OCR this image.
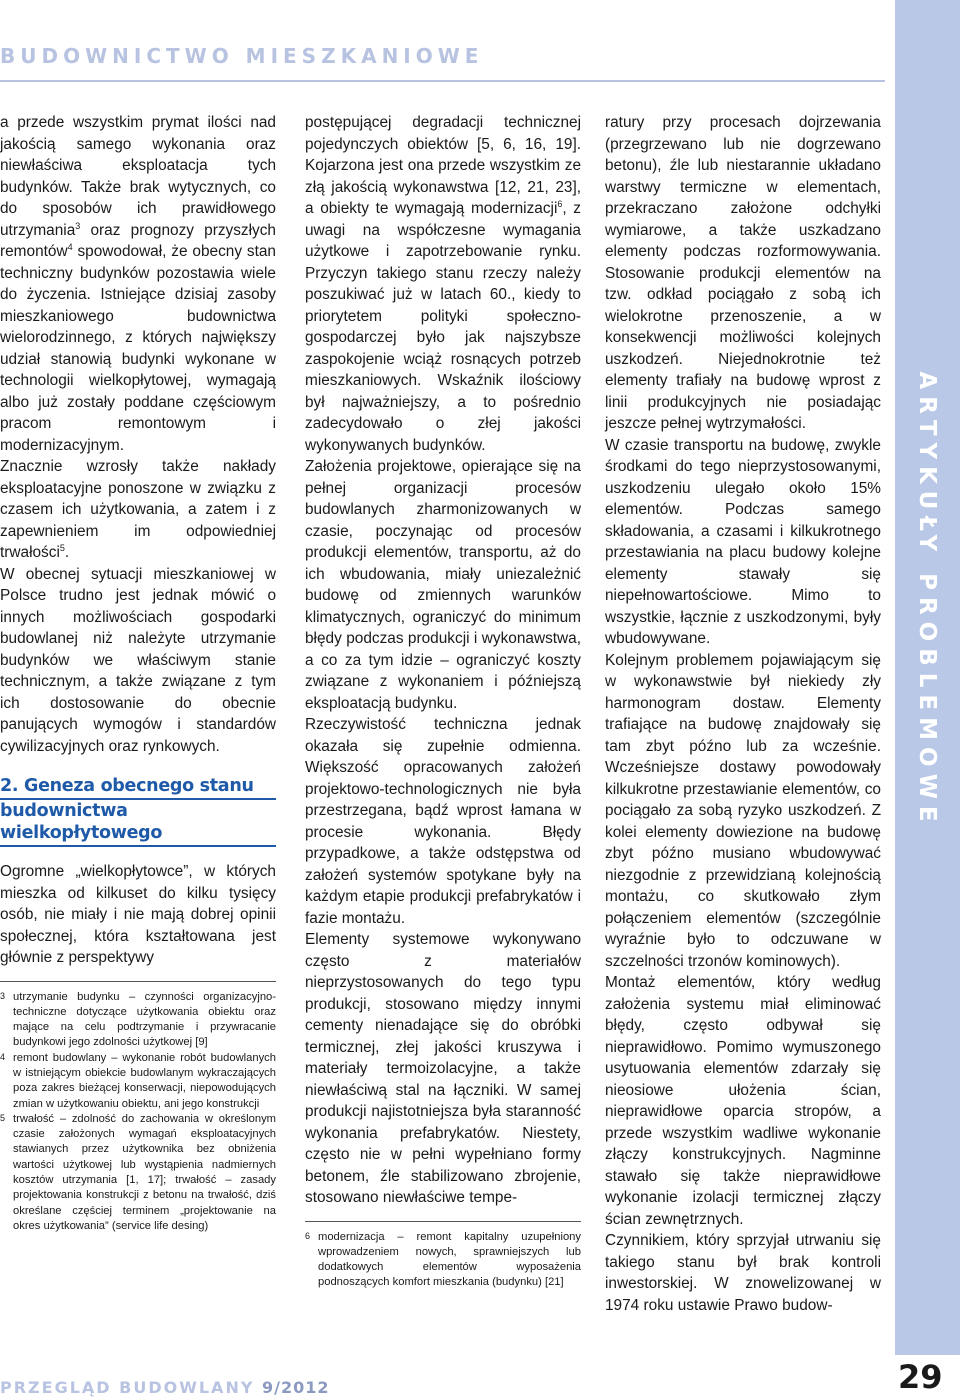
BUDOWNICTWO MIESZKANIOWE
ARTYKUŁY PROBLEMOWE

a przede wszystkim prymat ilości nad jakością samego wykonania oraz niewłaściwa eksploatacja tych budynków. Także brak wytycznych, co do sposobów ich prawidłowego utrzymania$^3$ oraz prognozy przyszłych remontów$^4$ spowodował, że obecny stan techniczny budynków pozostawia wiele do życzenia. Istniejące dzisiaj zasoby mieszkaniowego budownictwa wielorodzinnego, z których największy udział stanowią budynki wykonane w technologii wielkopłytowej, wymagają albo już zostały poddane częściowym pracom remontowym i modernizacyjnym.

Znacznie wzrosły także nakłady eksploatacyjne ponoszone w związku z czasem ich użytkowania, a zatem i z zapewnieniem im odpowiedniej trwałości$^5$.

W obecnej sytuacji mieszkaniowej w Polsce trudno jest jednak mówić o innych możliwościach gospodarki budowlanej niż należyte utrzymanie budynków we właściwym stanie technicznym, a także związane z tym ich dostosowanie do obecnie panujących wymogów i standardów cywilizacyjnych oraz rynkowych.

2. Geneza obecnego stanu
budownictwa wielkopłytowego

Ogromne „wielkopłytowce”, w których mieszka od kilkuset do kilku tysięcy osób, nie miały i nie mają dobrej opinii społecznej, która kształtowana jest głównie z perspektywy

3 utrzymanie budynku – czynności organizacyjno-techniczne dotyczące użytkowania obiektu oraz mające na celu podtrzymanie i przywracanie budynkowi jego zdolności użytkowej [9]
4 remont budowlany – wykonanie robót budowlanych w istniejącym obiekcie budowlanym wykraczających poza zakres bieżącej konserwacji, niepowodujących zmian w użytkowaniu obiektu, ani jego konstrukcji
5 trwałość – zdolność do zachowania w określonym czasie założonych wymagań eksploatacyjnych stawianych przez użytkownika bez obniżenia wartości użytkowej lub wystąpienia nadmiernych kosztów utrzymania [1, 17]; trwałość – zasady projektowania konstrukcji z betonu na trwałość, dziś określane częściej terminem „projektowanie na okres użytkowania” (service life desing)

postępującej degradacji technicznej pojedynczych obiektów [5, 6, 16, 19]. Kojarzona jest ona przede wszystkim ze złą jakością wykonawstwa [12, 21, 23], a obiekty te wymagają modernizacji$^6$, z uwagi na współczesne wymagania użytkowe i zapotrzebowanie rynku. Przyczyn takiego stanu rzeczy należy poszukiwać już w latach 60., kiedy to priorytetem polityki społeczno-gospodarczej było jak najszybsze zaspokojenie wciąż rosnących potrzeb mieszkaniowych. Wskaźnik ilościowy był najważniejszy, a to pośrednio zadecydowało o złej jakości wykonywanych budynków.

Założenia projektowe, opierające się na pełnej organizacji procesów budowlanych zharmonizowanych w czasie, poczynając od procesów produkcji elementów, transportu, aż do ich wbudowania, miały uniezależnić budowę od zmiennych warunków klimatycznych, ograniczyć do minimum błędy podczas produkcji i wykonawstwa, a co za tym idzie – ograniczyć koszty związane z wykonaniem i późniejszą eksploatacją budynku.

Rzeczywistość techniczna jednak okazała się zupełnie odmienna. Większość opracowanych założeń projektowo-technologicznych nie była przestrzegana, bądź wprost łamana w procesie wykonania. Błędy przypadkowe, a także odstępstwa od założeń systemów spotykane były na każdym etapie produkcji prefabrykatów i fazie montażu.

Elementy systemowe wykonywano często z materiałów nieprzystosowanych do tego typu produkcji, stosowano między innymi cementy nienadające się do obróbki termicznej, złej jakości kruszywa i materiały termoizolacyjne, a także niewłaściwą stal na łączniki. W samej produkcji najistotniejsza była staranność wykonania prefabrykatów. Niestety, często nie w pełni wypełniano formy betonem, źle stabilizowano zbrojenie, stosowano niewłaściwe tempe-

6 modernizacja – remont kapitalny uzupełniony wprowadzeniem nowych, sprawniejszych lub dodatkowych elementów wyposażenia podnoszących komfort mieszkania (budynku) [21]

ratury przy procesach dojrzewania (przegrzewano lub nie dogrzewano betonu), źle lub niestarannie układano warstwy termiczne w elementach, przekraczano założone odchyłki wymiarowe, a także uszkadzano elementy podczas rozformowywania. Stosowanie produkcji elementów na tzw. odkład pociągało z sobą ich wielokrotne przenoszenie, a w konsekwencji możliwości kolejnych uszkodzeń. Niejednokrotnie też elementy trafiały na budowę wprost z linii produkcyjnych nie posiadając jeszcze pełnej wytrzymałości.

W czasie transportu na budowę, zwykle środkami do tego nieprzystosowanymi, uszkodzeniu ulegało około 15% elementów. Podczas samego składowania, a czasami i kilkukrotnego przestawiania na placu budowy kolejne elementy stawały się niepełnowartościowe. Mimo to wszystkie, łącznie z uszkodzonymi, były wbudowywane.

Kolejnym problemem pojawiającym się w wykonawstwie był niekiedy zły harmonogram dostaw. Elementy trafiające na budowę znajdowały się tam zbyt późno lub za wcześnie. Wcześniejsze dostawy powodowały kilkukrotne przestawianie elementów, co pociągało za sobą ryzyko uszkodzeń. Z kolei elementy dowiezione na budowę zbyt późno musiano wbudowywać niezgodnie z przewidzianą kolejnością montażu, co skutkowało złym połączeniem elementów (szczególnie wyraźnie było to odczuwane w szczelności trzonów kominowych).

Montaż elementów, który według założenia systemu miał eliminować błędy, często odbywał się nieprawidłowo. Pomimo wymuszonego usytuowania elementów zdarzały się nieosiowe ułożenia ścian, nieprawidłowe oparcia stropów, a przede wszystkim wadliwe wykonanie złączy konstrukcyjnych. Nagminne stawało się także nieprawidłowe wykonanie izolacji termicznej złączy ścian zewnętrznych.

Czynnikiem, który sprzyjał utrwaniu się takiego stanu był brak kontroli inwestorskiej. W znowelizowanej w 1974 roku ustawie Prawo budow-

PRZEGLĄD BUDOWLANY 9/2012	29
